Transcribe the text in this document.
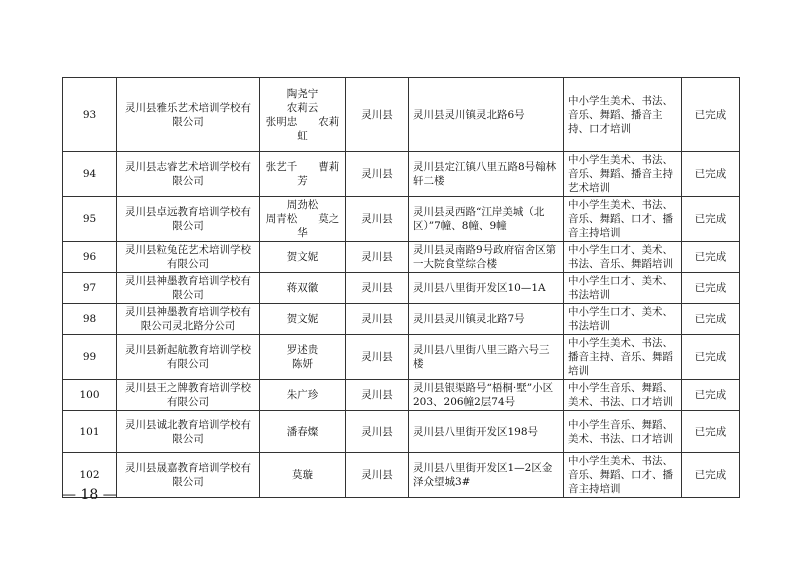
93	灵川县雅乐艺术培训学校有限公司	陶尧宁
农莉云
张明忠　　农莉虹	灵川县	灵川县灵川镇灵北路6号	中小学生美术、书法、音乐、舞蹈、播音主持、口才培训	已完成
94	灵川县志睿艺术培训学校有限公司	张艺千　　曹莉芳	灵川县	灵川县定江镇八里五路8号翰林轩二楼	中小学生美术、书法、音乐、舞蹈、播音主持艺术培训	已完成
95	灵川县卓远教育培训学校有限公司	周劲松
周青松　　莫之华	灵川县	灵川县灵西路“江岸美城（北区）”7幢、8幢、9幢	中小学生美术、书法、音乐、舞蹈、口才、播音主持培训	已完成
96	灵川县粒兔芘艺术培训学校有限公司	贺文妮	灵川县	灵川县灵南路9号政府宿舍区第一大院食堂综合楼	中小学生口才、美术、书法、音乐、舞蹈培训	已完成
97	灵川县神墨教育培训学校有限公司	蒋双徽	灵川县	灵川县八里街开发区10—1A	中小学生口才、美术、书法培训	已完成
98	灵川县神墨教育培训学校有限公司灵北路分公司	贺文妮	灵川县	灵川县灵川镇灵北路7号	中小学生口才、美术、书法培训	已完成
99	灵川县新起航教育培训学校有限公司	罗述贵
陈妍	灵川县	灵川县八里街八里三路六号三楼	中小学生美术、书法、播音主持、音乐、舞蹈培训	已完成
100	灵川县王之牌教育培训学校有限公司	朱广珍	灵川县	灵川县银渠路号“梧桐·墅”小区203、206幢2层74号	中小学生音乐、舞蹈、美术、书法、口才培训	已完成
101	灵川县诚北教育培训学校有限公司	潘春燦	灵川县	灵川县八里街开发区198号	中小学生音乐、舞蹈、美术、书法、口才培训	已完成
102	灵川县晟嘉教育培训学校有限公司	莫璇	灵川县	灵川县八里街开发区1—2区金泽众望城3#	中小学生美术、书法、音乐、舞蹈、口才、播音主持培训	已完成
— 18 —
